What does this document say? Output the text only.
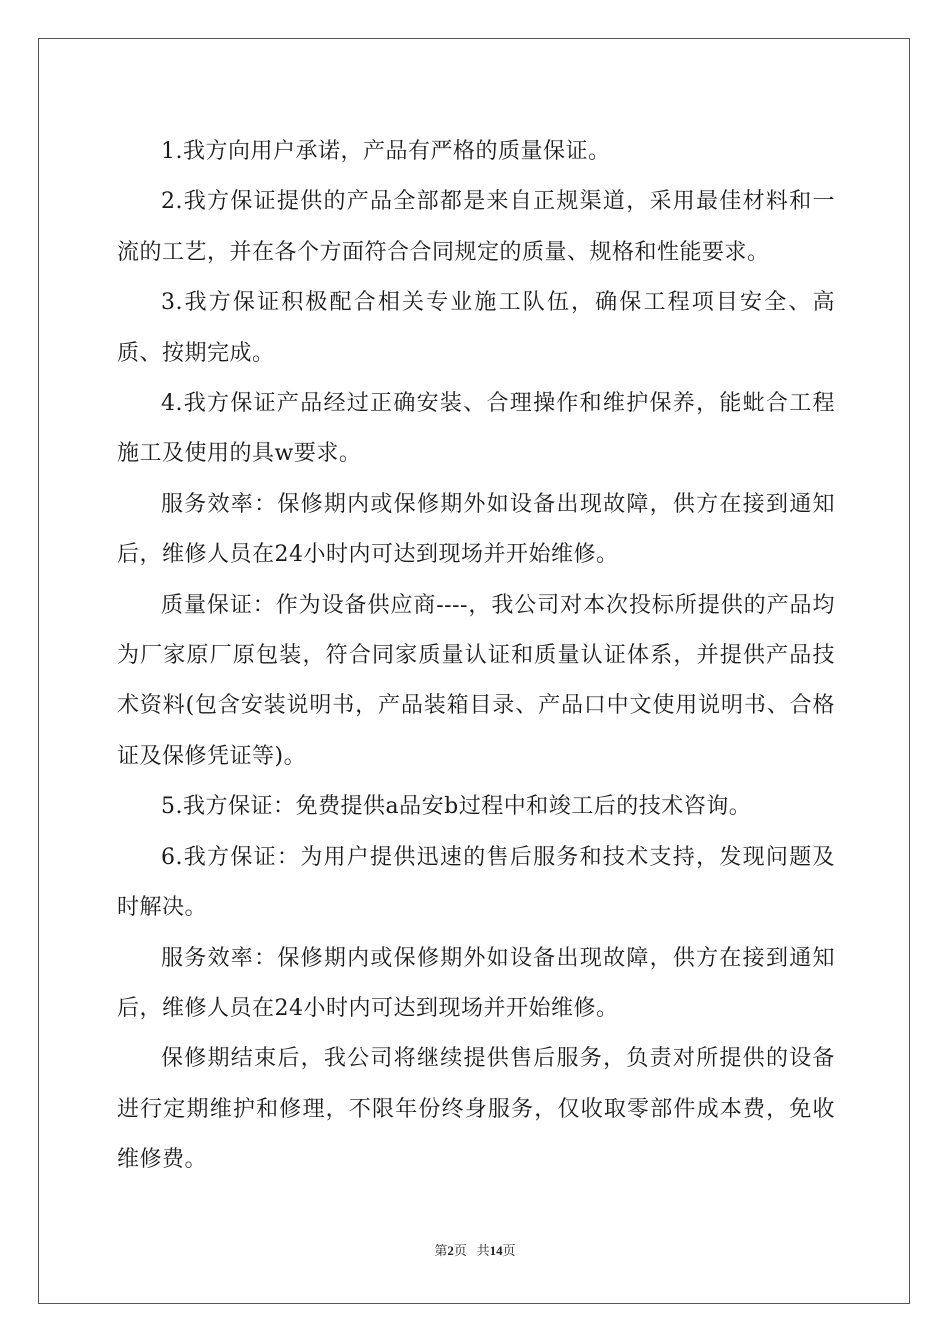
1.我方向用户承诺，产品有严格的质量保证。

2.我方保证提供的产品全部都是来自正规渠道，采用最佳材料和一流的工艺，并在各个方面符合合同规定的质量、规格和性能要求。

3.我方保证积极配合相关专业施工队伍，确保工程项目安全、高质、按期完成。

4.我方保证产品经过正确安装、合理操作和维护保养，能蚍合工程施工及使用的具w要求。

服务效率：保修期内或保修期外如设备出现故障，供方在接到通知后，维修人员在24小时内可达到现场并开始维修。

质量保证：作为设备供应商----，我公司对本次投标所提供的产品均为厂家原厂原包装，符合同家质量认证和质量认证体系，并提供产品技术资料(包含安装说明书，产品装箱目录、产品口中文使用说明书、合格证及保修凭证等)。

5.我方保证：免费提供a品安b过程中和竣工后的技术咨询。

6.我方保证：为用户提供迅速的售后服务和技术支持，发现问题及时解决。

服务效率：保修期内或保修期外如设备出现故障，供方在接到通知后，维修人员在24小时内可达到现场并开始维修。

保修期结束后，我公司将继续提供售后服务，负责对所提供的设备进行定期维护和修理，不限年份终身服务，仅收取零部件成本费，免收维修费。

第2页 共14页
